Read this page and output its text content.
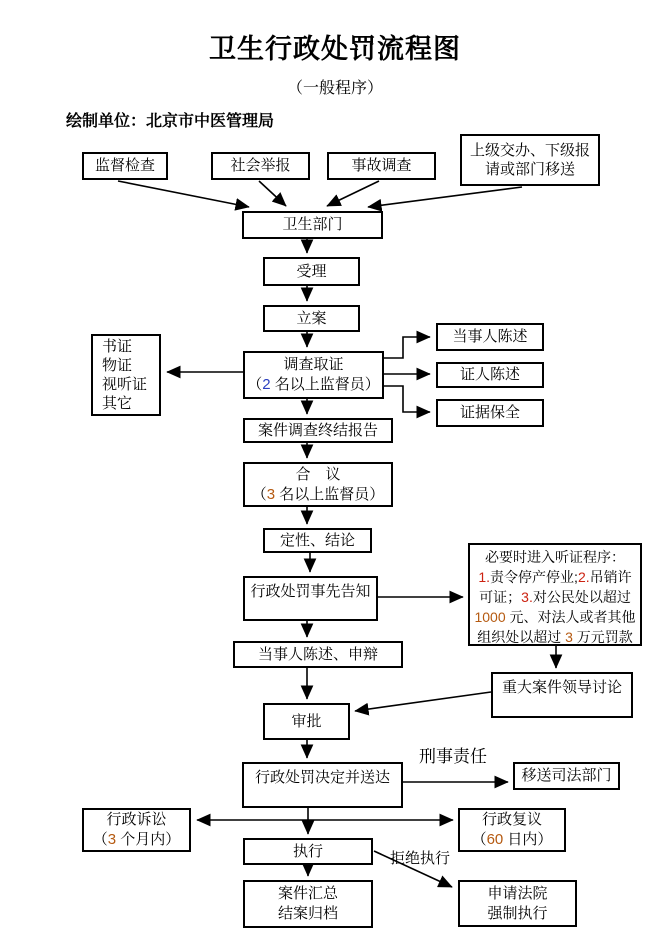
卫生行政处罚流程图
（一般程序）
绘制单位：北京市中医管理局
监督检查	社会举报	事故调查
上级交办、下级报请或部门移送
卫生部门
受理
立案
调查取证
（2 名以上监督员）
书证
物证
视听证
其它
当事人陈述
证人陈述
证据保全
案件调查终结报告
合　议
（3 名以上监督员）
定性、结论
行政处罚事先告知
必要时进入听证程序：
1.责令停产停业;2.吊销许可证；3.对公民处以超过 1000 元、对法人或者其他组织处以超过 3 万元罚款
当事人陈述、申辩
重大案件领导讨论
审批
行政处罚决定并送达	移送司法部门
刑事责任
行政诉讼
（3 个月内）
行政复议
（60 日内）
执行	拒绝执行
案件汇总
结案归档
申请法院
强制执行
